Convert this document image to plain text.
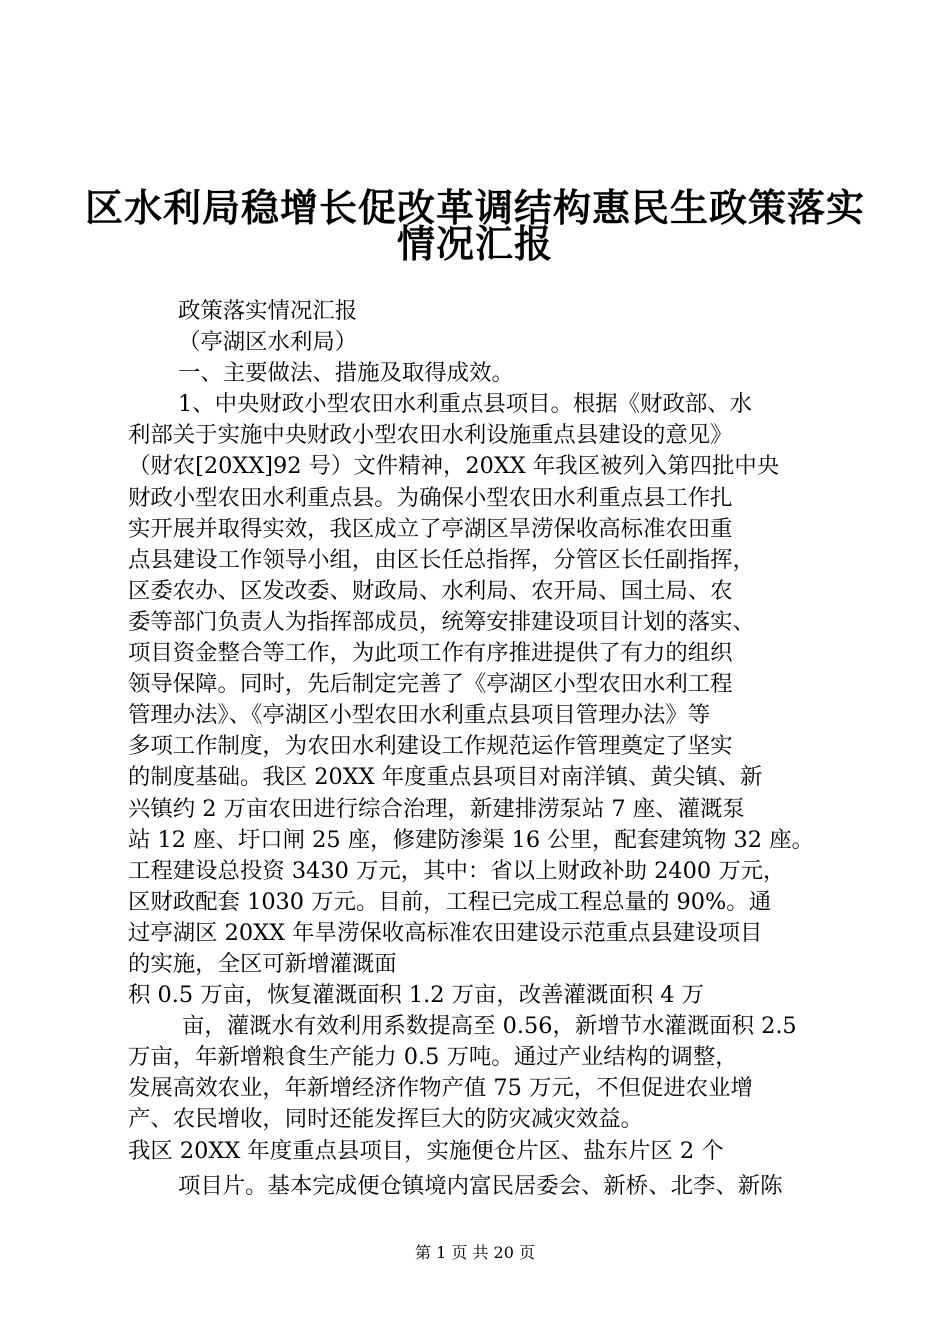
区水利局稳增长促改革调结构惠民生政策落实
情况汇报
政策落实情况汇报
（亭湖区水利局）
一、主要做法、措施及取得成效。
1、中央财政小型农田水利重点县项目。根据《财政部、水
利部关于实施中央财政小型农田水利设施重点县建设的意见》
（财农[20XX]92 号）文件精神，20XX 年我区被列入第四批中央
财政小型农田水利重点县。为确保小型农田水利重点县工作扎
实开展并取得实效，我区成立了亭湖区旱涝保收高标准农田重
点县建设工作领导小组，由区长任总指挥，分管区长任副指挥，
区委农办、区发改委、财政局、水利局、农开局、国土局、农
委等部门负责人为指挥部成员，统筹安排建设项目计划的落实、
项目资金整合等工作，为此项工作有序推进提供了有力的组织
领导保障。同时，先后制定完善了《亭湖区小型农田水利工程
管理办法》、《亭湖区小型农田水利重点县项目管理办法》等
多项工作制度，为农田水利建设工作规范运作管理奠定了坚实
的制度基础。我区 20XX 年度重点县项目对南洋镇、黄尖镇、新
兴镇约 2 万亩农田进行综合治理，新建排涝泵站 7 座、灌溉泵
站 12 座、圩口闸 25 座，修建防渗渠 16 公里，配套建筑物 32 座。
工程建设总投资 3430 万元，其中：省以上财政补助 2400 万元，
区财政配套 1030 万元。目前，工程已完成工程总量的 90%。通
过亭湖区 20XX 年旱涝保收高标准农田建设示范重点县建设项目
的实施，全区可新增灌溉面
积 0.5 万亩，恢复灌溉面积 1.2 万亩，改善灌溉面积 4 万
亩，灌溉水有效利用系数提高至 0.56，新增节水灌溉面积 2.5
万亩，年新增粮食生产能力 0.5 万吨。通过产业结构的调整，
发展高效农业，年新增经济作物产值 75 万元，不但促进农业增
产、农民增收，同时还能发挥巨大的防灾减灾效益。
我区 20XX 年度重点县项目，实施便仓片区、盐东片区 2 个
项目片。基本完成便仓镇境内富民居委会、新桥、北李、新陈
第 1 页 共 20 页
